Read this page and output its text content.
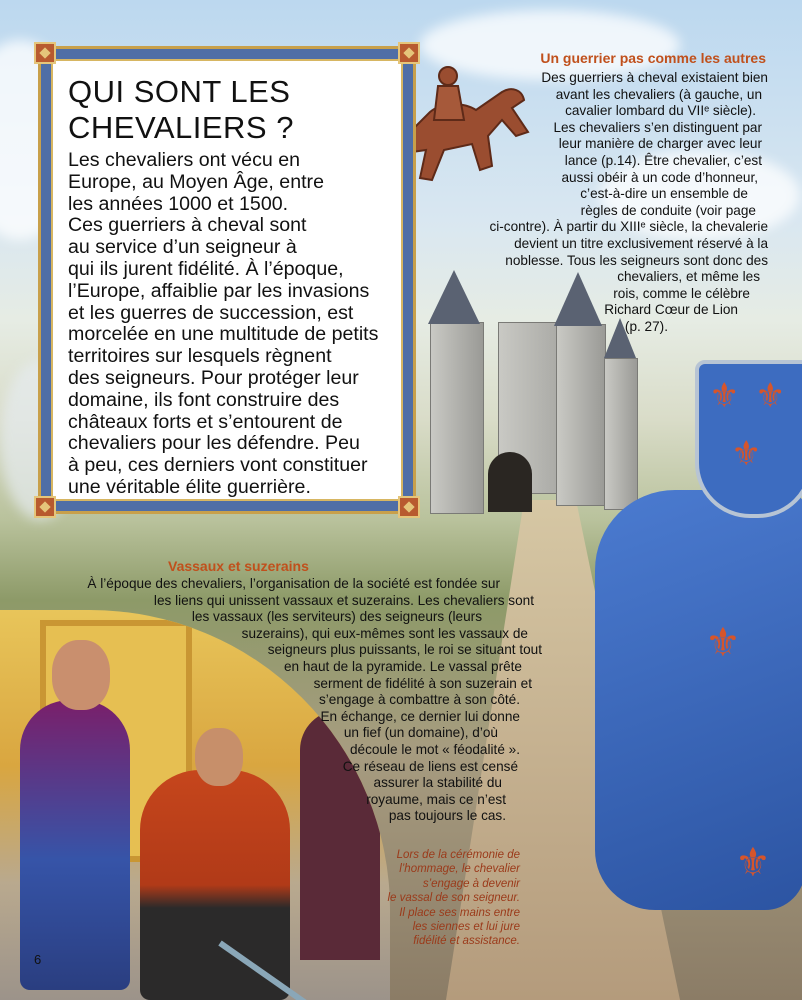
⚜ ⚜
⚜
⚜
⚜
QUI SONT LES
CHEVALIERS ?

Les chevaliers ont vécu en
Europe, au Moyen Âge, entre
les années 1000 et 1500.
Ces guerriers à cheval sont
au service d’un seigneur à
qui ils jurent fidélité. À l’époque,
l’Europe, affaiblie par les invasions
et les guerres de succession, est
morcelée en une multitude de petits
territoires sur lesquels règnent
des seigneurs. Pour protéger leur
domaine, ils font construire des
châteaux forts et s’entourent de
chevaliers pour les défendre. Peu
à peu, ces derniers vont constituer
une véritable élite guerrière.

Un guerrier pas comme les autres

Des guerriers à cheval existaient bien
avant les chevaliers (à gauche, un
cavalier lombard du VIIᵉ siècle).
Les chevaliers s’en distinguent par
leur manière de charger avec leur
lance (p.14). Être chevalier, c’est
aussi obéir à un code d’honneur,
c’est-à-dire un ensemble de
règles de conduite (voir page
ci-contre). À partir du XIIIᵉ siècle, la chevalerie
devient un titre exclusivement réservé à la
noblesse. Tous les seigneurs sont donc des
chevaliers, et même les
rois, comme le célèbre
Richard Cœur de Lion
(p. 27).

Vassaux et suzerains

À l’époque des chevaliers, l’organisation de la société est fondée sur
les liens qui unissent vassaux et suzerains. Les chevaliers sont
les vassaux (les serviteurs) des seigneurs (leurs
suzerains), qui eux-mêmes sont les vassaux de
seigneurs plus puissants, le roi se situant tout
en haut de la pyramide. Le vassal prête
serment de fidélité à son suzerain et
s’engage à combattre à son côté.
En échange, ce dernier lui donne
un fief (un domaine), d’où
découle le mot « féodalité ».
Ce réseau de liens est censé
assurer la stabilité du
royaume, mais ce n’est
pas toujours le cas.

Lors de la cérémonie de
l’hommage, le chevalier
s’engage à devenir
le vassal de son seigneur.
Il place ses mains entre
les siennes et lui jure
fidélité et assistance.

6
